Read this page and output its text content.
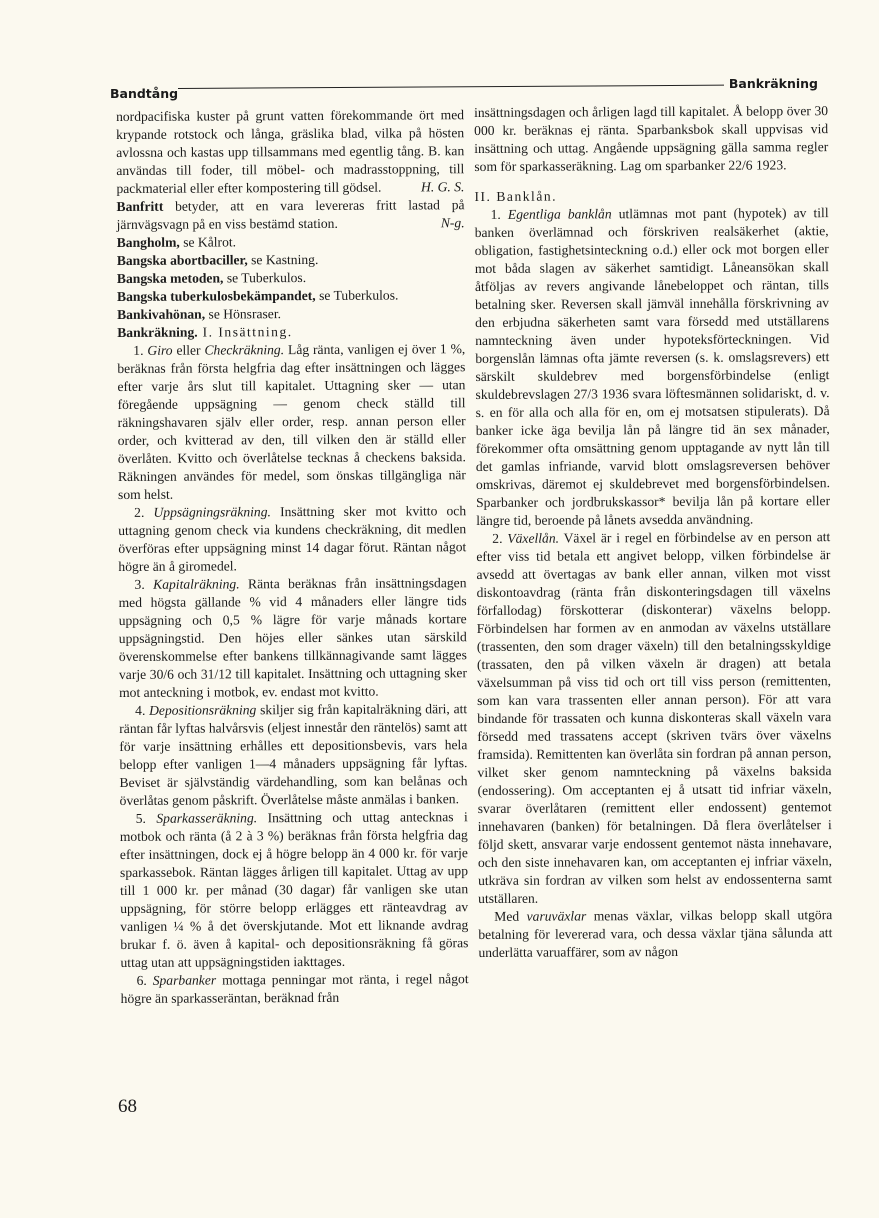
Bandtång
Bankräkning

nordpacifiska kuster på grunt vatten förekommande ört med krypande rotstock och långa, gräslika blad, vilka på hösten avlossna och kastas upp tillsammans med egentlig tång. B. kan användas till foder, till möbel- och madrasstoppning, till packmaterial eller efter kompostering till gödsel.	H. G. S.

Banfritt betyder, att en vara levereras fritt lastad på järnvägsvagn på en viss bestämd station.	N-g.

Bangholm, se Kålrot.

Bangska abortbaciller, se Kastning.

Bangska metoden, se Tuberkulos.

Bangska tuberkulosbekämpandet, se Tuberkulos.

Bankivahönan, se Hönsraser.

Bankräkning. I. Insättning.

1. Giro eller Checkräkning. Låg ränta, vanligen ej över 1 %, beräknas från första helgfria dag efter insättningen och lägges efter varje års slut till kapitalet. Uttagning sker — utan föregående uppsägning — genom check ställd till räkningshavaren själv eller order, resp. annan person eller order, och kvitterad av den, till vilken den är ställd eller överlåten. Kvitto och överlåtelse tecknas å checkens baksida. Räkningen användes för medel, som önskas tillgängliga när som helst.

2. Uppsägningsräkning. Insättning sker mot kvitto och uttagning genom check via kundens checkräkning, dit medlen överföras efter uppsägning minst 14 dagar förut. Räntan något högre än å giromedel.

3. Kapitalräkning. Ränta beräknas från insättningsdagen med högsta gällande % vid 4 månaders eller längre tids uppsägning och 0,5 % lägre för varje månads kortare uppsägningstid. Den höjes eller sänkes utan särskild överenskommelse efter bankens tillkännagivande samt lägges varje 30/6 och 31/12 till kapitalet. Insättning och uttagning sker mot anteckning i motbok, ev. endast mot kvitto.

4. Depositionsräkning skiljer sig från kapitalräkning däri, att räntan får lyftas halvårsvis (eljest innestår den räntelös) samt att för varje insättning erhålles ett depositionsbevis, vars hela belopp efter vanligen 1—4 månaders uppsägning får lyftas. Beviset är självständig värdehandling, som kan belånas och överlåtas genom påskrift. Överlåtelse måste anmälas i banken.

5. Sparkasseräkning. Insättning och uttag antecknas i motbok och ränta (å 2 à 3 %) beräknas från första helgfria dag efter insättningen, dock ej å högre belopp än 4 000 kr. för varje sparkassebok. Räntan lägges årligen till kapitalet. Uttag av upp till 1 000 kr. per månad (30 dagar) får vanligen ske utan uppsägning, för större belopp erlägges ett ränteavdrag av vanligen ¼ % å det överskjutande. Mot ett liknande avdrag brukar f. ö. även å kapital- och depositionsräkning få göras uttag utan att uppsägningstiden iakttages.

6. Sparbanker mottaga penningar mot ränta, i regel något högre än sparkasseräntan, beräknad från

insättningsdagen och årligen lagd till kapitalet. Å belopp över 30 000 kr. beräknas ej ränta. Sparbanksbok skall uppvisas vid insättning och uttag. Angående uppsägning gälla samma regler som för sparkasseräkning. Lag om sparbanker 22/6 1923.

II. Banklån.

1. Egentliga banklån utlämnas mot pant (hypotek) av till banken överlämnad och förskriven realsäkerhet (aktie, obligation, fastighetsinteckning o.d.) eller ock mot borgen eller mot båda slagen av säkerhet samtidigt. Låneansökan skall åtföljas av revers angivande lånebeloppet och räntan, tills betalning sker. Reversen skall jämväl innehålla förskrivning av den erbjudna säkerheten samt vara försedd med utställarens namnteckning även under hypoteksförteckningen. Vid borgenslån lämnas ofta jämte reversen (s. k. omslagsrevers) ett särskilt skuldebrev med borgensförbindelse (enligt skuldebrevslagen 27/3 1936 svara löftesmännen solidariskt, d. v. s. en för alla och alla för en, om ej motsatsen stipulerats). Då banker icke äga bevilja lån på längre tid än sex månader, förekommer ofta omsättning genom upptagande av nytt lån till det gamlas infriande, varvid blott omslagsreversen behöver omskrivas, däremot ej skuldebrevet med borgensförbindelsen. Sparbanker och jordbrukskassor* bevilja lån på kortare eller längre tid, beroende på lånets avsedda användning.

2. Växellån. Växel är i regel en förbindelse av en person att efter viss tid betala ett angivet belopp, vilken förbindelse är avsedd att övertagas av bank eller annan, vilken mot visst diskontoavdrag (ränta från diskonteringsdagen till växelns förfallodag) förskotterar (diskonterar) växelns belopp. Förbindelsen har formen av en anmodan av växelns utställare (trassenten, den som drager växeln) till den betalningsskyldige (trassaten, den på vilken växeln är dragen) att betala växelsumman på viss tid och ort till viss person (remittenten, som kan vara trassenten eller annan person). För att vara bindande för trassaten och kunna diskonteras skall växeln vara försedd med trassatens accept (skriven tvärs över växelns framsida). Remittenten kan överlåta sin fordran på annan person, vilket sker genom namnteckning på växelns baksida (endossering). Om acceptanten ej å utsatt tid infriar växeln, svarar överlåtaren (remittent eller endossent) gentemot innehavaren (banken) för betalningen. Då flera överlåtelser i följd skett, ansvarar varje endossent gentemot nästa innehavare, och den siste innehavaren kan, om acceptanten ej infriar växeln, utkräva sin fordran av vilken som helst av endossenterna samt utställaren.

Med varuväxlar menas växlar, vilkas belopp skall utgöra betalning för levererad vara, och dessa växlar tjäna sålunda att underlätta varuaffärer, som av någon

68
